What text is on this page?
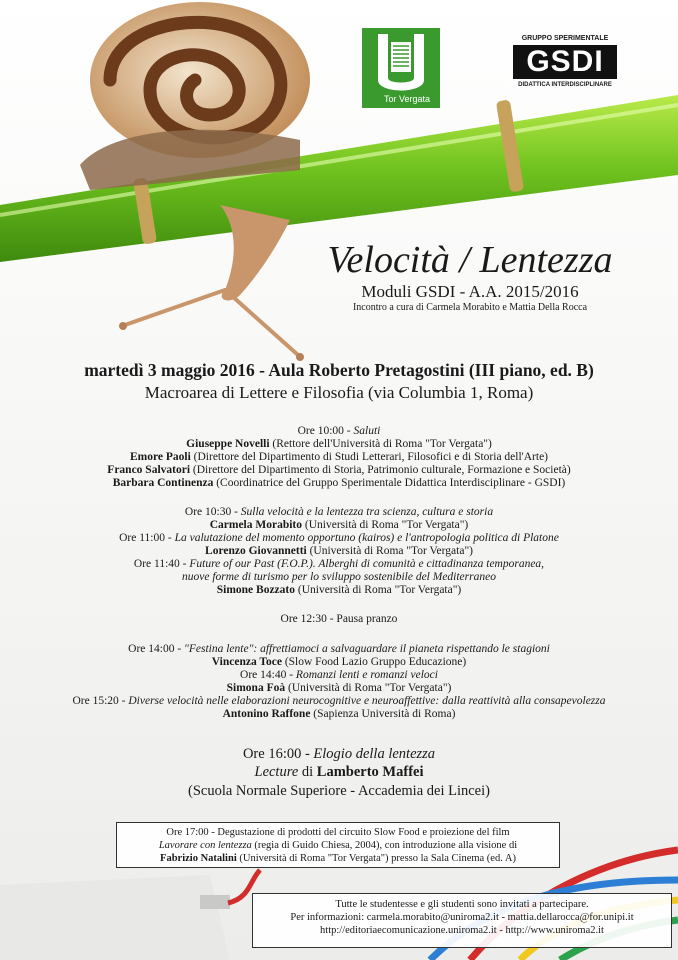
Tor Vergata
GRUPPO SPERIMENTALE
GSDI
DIDATTICA INTERDISCIPLINARE
Velocità / Lentezza
Moduli GSDI - A.A. 2015/2016
Incontro a cura di Carmela Morabito e Mattia Della Rocca
martedì 3 maggio 2016 - Aula Roberto Pretagostini (III piano, ed. B)
Macroarea di Lettere e Filosofia (via Columbia 1, Roma)
Ore 10:00 - Saluti
Giuseppe Novelli (Rettore dell'Università di Roma "Tor Vergata")
Emore Paoli (Direttore del Dipartimento di Studi Letterari, Filosofici e di Storia dell'Arte)
Franco Salvatori (Direttore del Dipartimento di Storia, Patrimonio culturale, Formazione e Società)
Barbara Continenza (Coordinatrice del Gruppo Sperimentale Didattica Interdisciplinare - GSDI)
Ore 10:30 - Sulla velocità e la lentezza tra scienza, cultura e storia
Carmela Morabito (Università di Roma "Tor Vergata")
Ore 11:00 - La valutazione del momento opportuno (kairos) e l'antropologia politica di Platone
Lorenzo Giovannetti (Università di Roma "Tor Vergata")
Ore 11:40 - Future of our Past (F.O.P.). Alberghi di comunità e cittadinanza temporanea,
nuove forme di turismo per lo sviluppo sostenibile del Mediterraneo
Simone Bozzato (Università di Roma "Tor Vergata")
Ore 12:30 - Pausa pranzo
Ore 14:00 - "Festina lente": affrettiamoci a salvaguardare il pianeta rispettando le stagioni
Vincenza Toce (Slow Food Lazio Gruppo Educazione)
Ore 14:40 - Romanzi lenti e romanzi veloci
Simona Foà (Università di Roma "Tor Vergata")
Ore 15:20 - Diverse velocità nelle elaborazioni neurocognitive e neuroaffettive: dalla reattività alla consapevolezza
Antonino Raffone (Sapienza Università di Roma)
Ore 16:00 - Elogio della lentezza
Lecture di Lamberto Maffei
(Scuola Normale Superiore - Accademia dei Lincei)
Ore 17:00 - Degustazione di prodotti del circuito Slow Food e proiezione del film
Lavorare con lentezza (regia di Guido Chiesa, 2004), con introduzione alla visione di
Fabrizio Natalini (Università di Roma "Tor Vergata") presso la Sala Cinema (ed. A)
Tutte le studentesse e gli studenti sono invitati a partecipare.
Per informazioni: carmela.morabito@uniroma2.it - mattia.dellarocca@for.unipi.it
http://editoriaecomunicazione.uniroma2.it - http://www.uniroma2.it
